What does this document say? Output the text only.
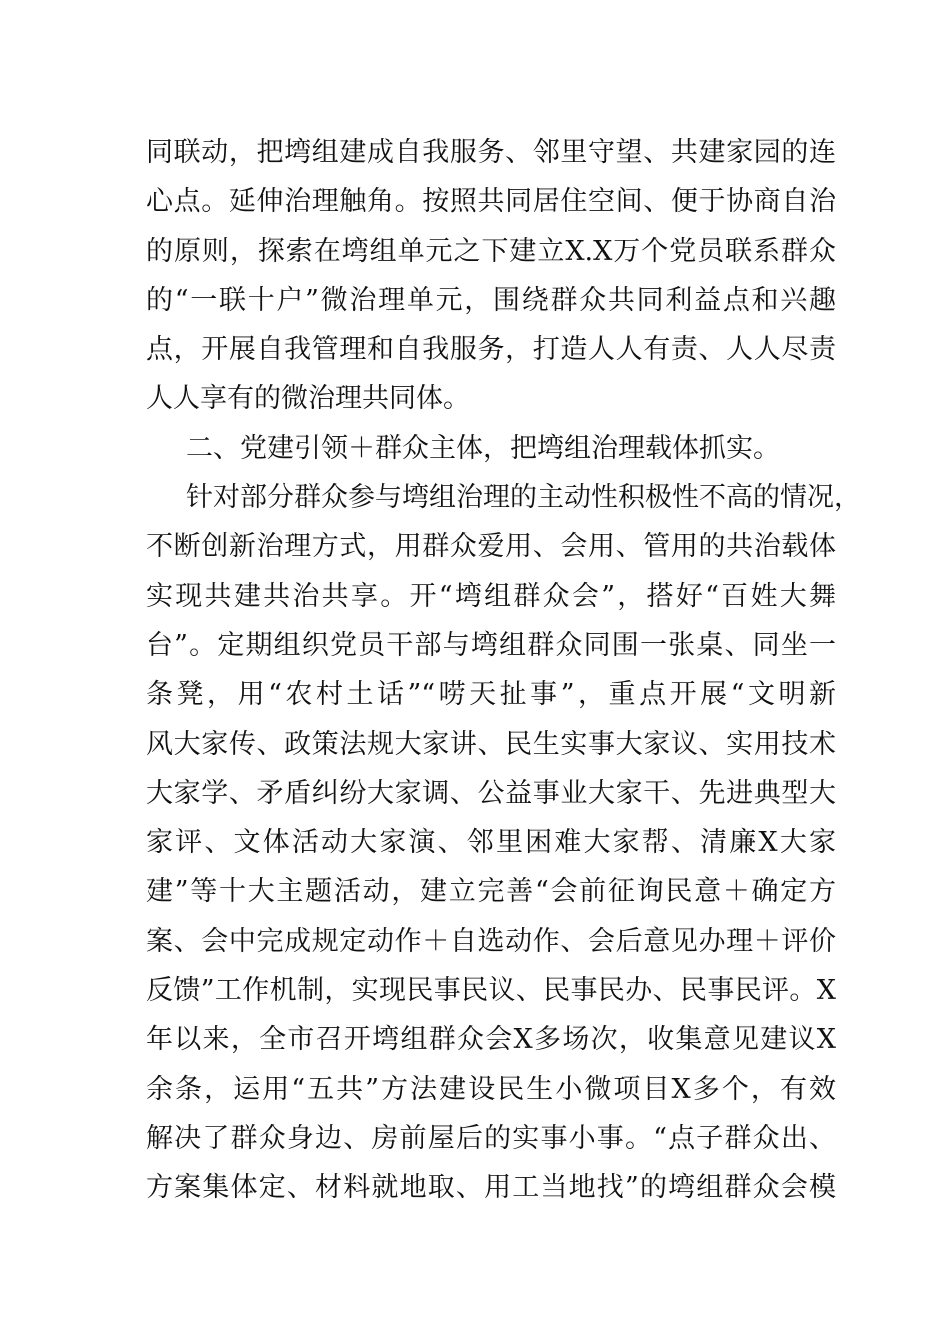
同联动，把塆组建成自我服务、邻里守望、共建家园的连
心点。延伸治理触角。按照共同居住空间、便于协商自治
的原则，探索在塆组单元之下建立X.X万个党员联系群众
的“一联十户”微治理单元，围绕群众共同利益点和兴趣
点，开展自我管理和自我服务，打造人人有责、人人尽责
人人享有的微治理共同体。
二、党建引领＋群众主体，把塆组治理载体抓实。
针对部分群众参与塆组治理的主动性积极性不高的情况，
不断创新治理方式，用群众爱用、会用、管用的共治载体
实现共建共治共享。开“塆组群众会”，搭好“百姓大舞
台”。定期组织党员干部与塆组群众同围一张桌、同坐一
条凳，用“农村土话”“唠天扯事”，重点开展“文明新
风大家传、政策法规大家讲、民生实事大家议、实用技术
大家学、矛盾纠纷大家调、公益事业大家干、先进典型大
家评、文体活动大家演、邻里困难大家帮、清廉X大家
建”等十大主题活动，建立完善“会前征询民意＋确定方
案、会中完成规定动作＋自选动作、会后意见办理＋评价
反馈”工作机制，实现民事民议、民事民办、民事民评。X
年以来，全市召开塆组群众会X多场次，收集意见建议X
余条，运用“五共”方法建设民生小微项目X多个，有效
解决了群众身边、房前屋后的实事小事。“点子群众出、
方案集体定、材料就地取、用工当地找”的塆组群众会模
